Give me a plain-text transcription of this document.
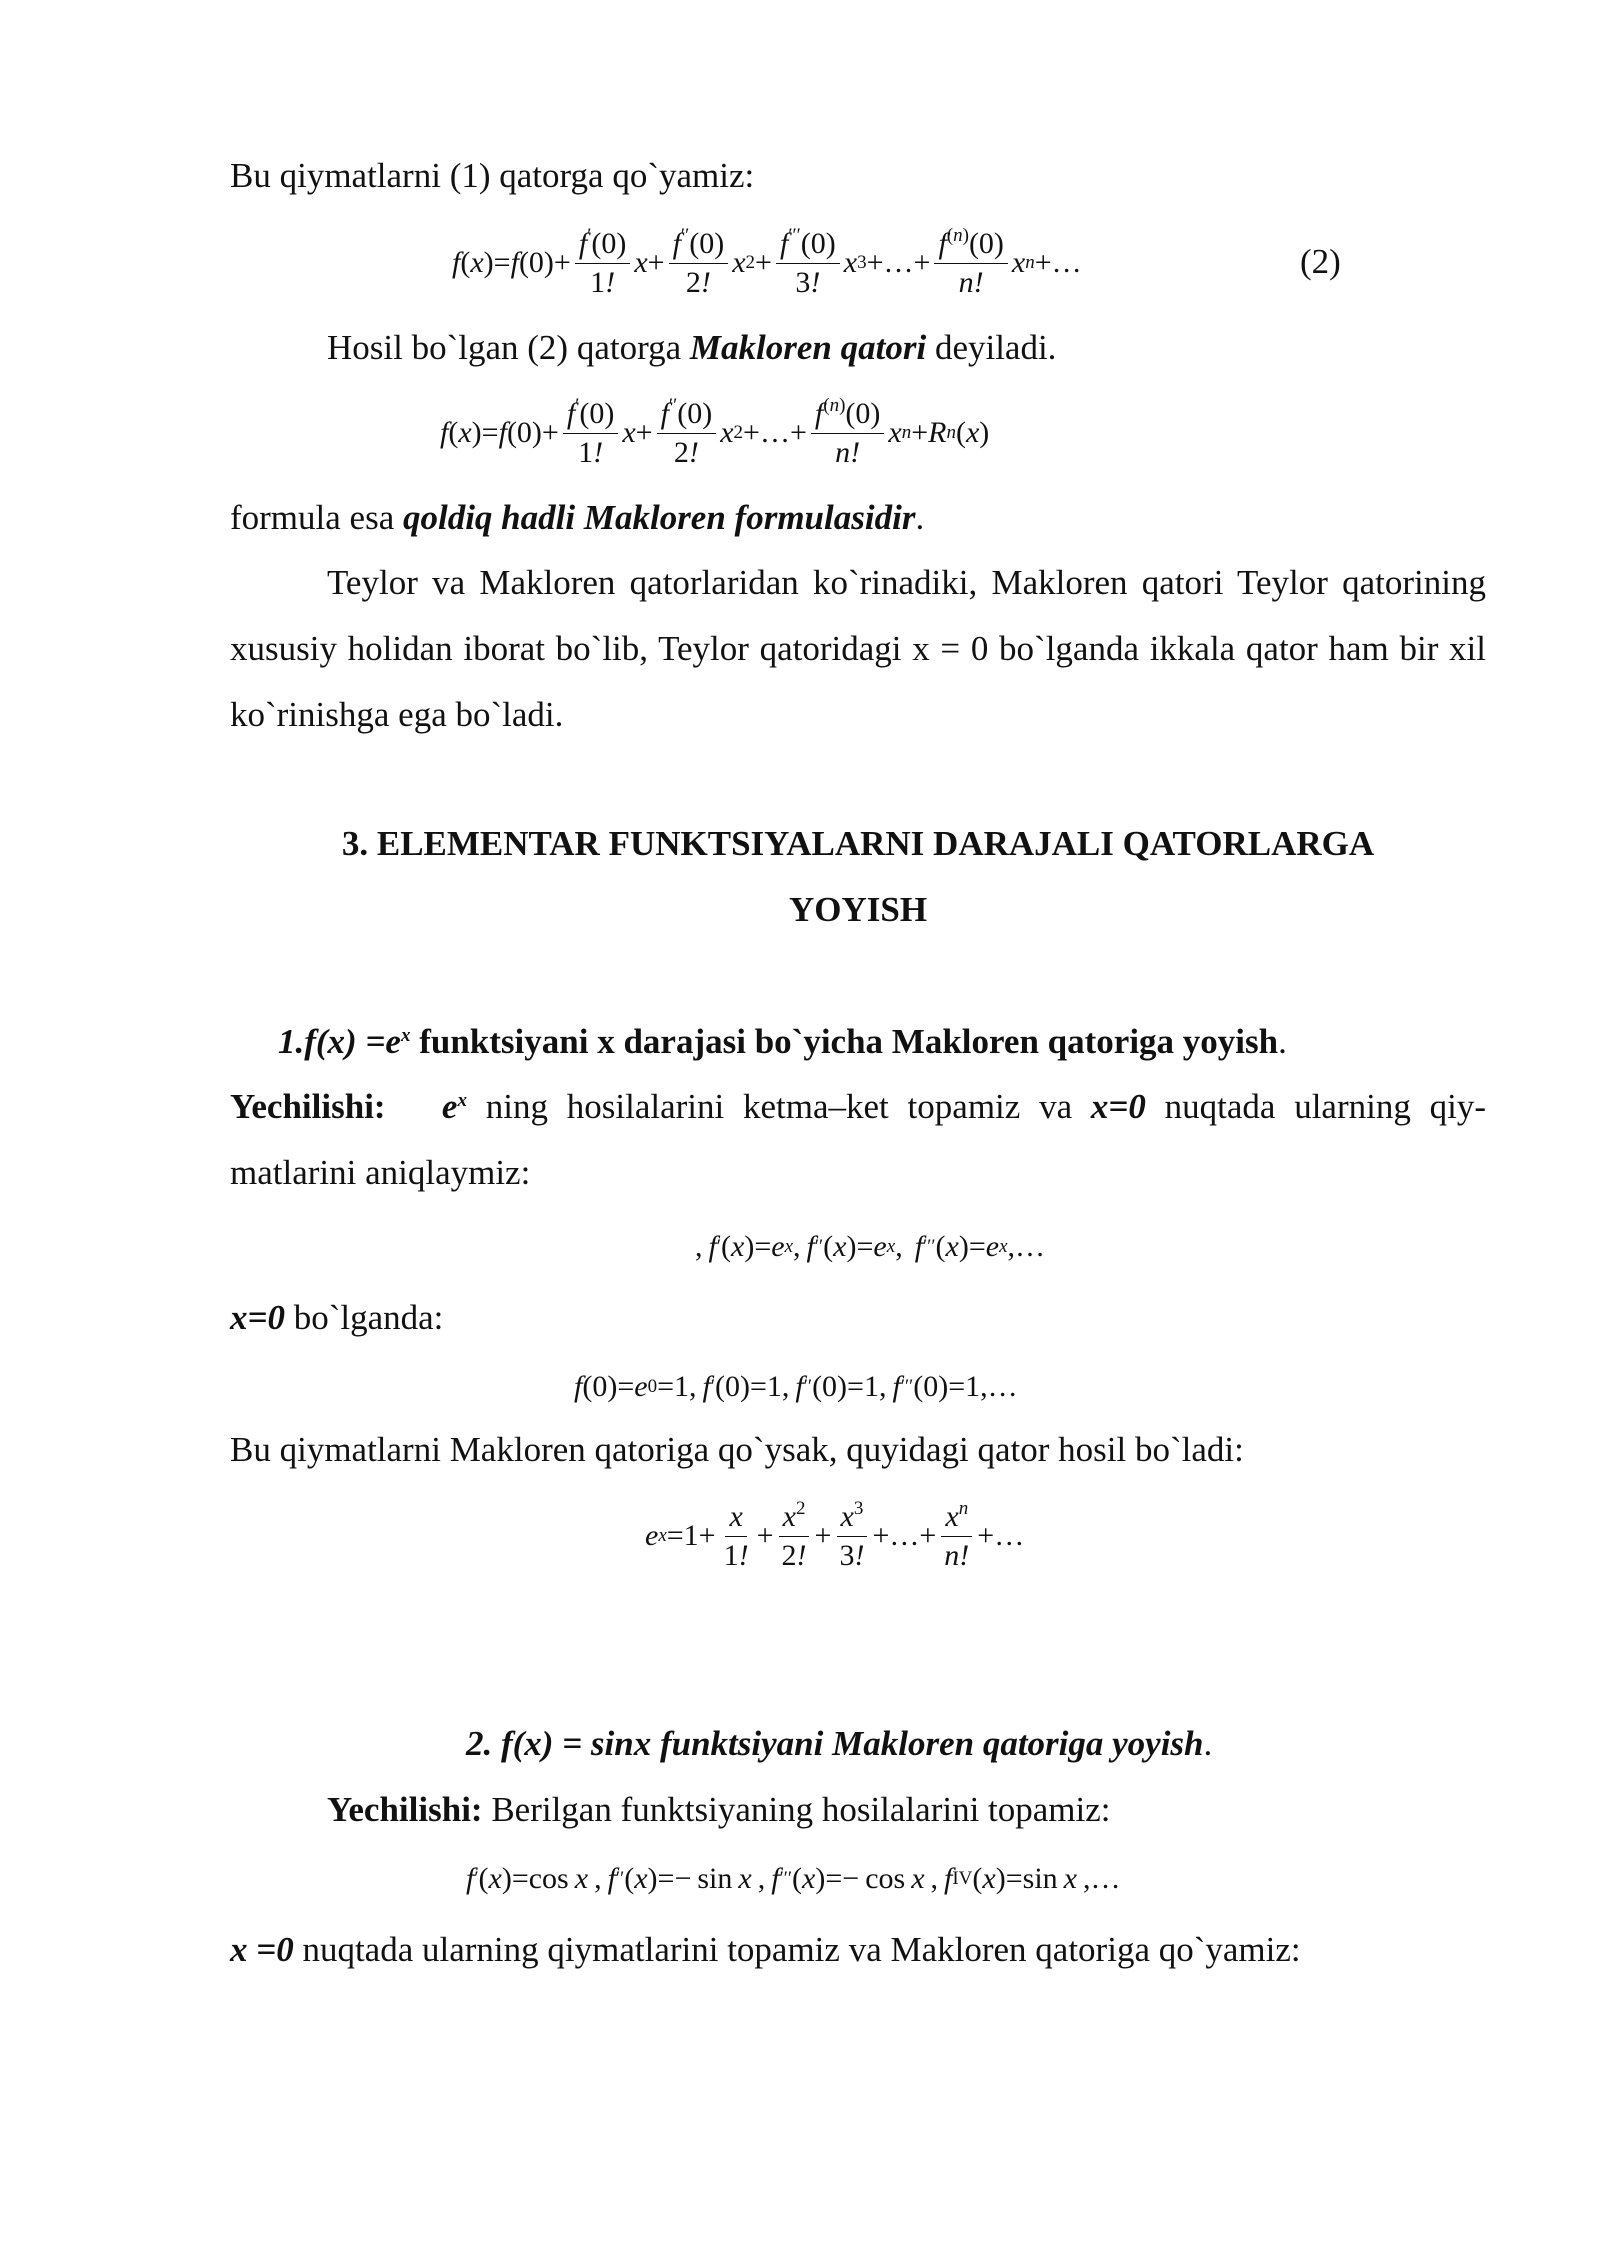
Bu qiymatlarni (1) qatorga qo`yamiz:
f ( x )= f $(0)+ \frac{f'(0)}{1!}$ $x + \frac{f''(0)}{2!}$ x $2 + \frac{f'''(0)}{3!}$ x 3 +…+ $\frac{f^{(n)}(0)}{n!}$ x n +…	(2)
Hosil bo`lgan (2) qatorga Makloren qatori deyiladi.
f ( x )= f $(0)+ \frac{f'(0)}{1!}$ $x + \frac{f''(0)}{2!}$ x 2 +…+ $\frac{f^{(n)}(0)}{n!}$ x n + R n ( x )
formula esa qoldiq hadli Makloren formulasidir.
Teylor va Makloren qatorlaridan ko`rinadiki, Makloren qatori Teylor qatorining xususiy holidan iborat bo`lib, Teylor qatoridagi x = 0 bo`lganda ikkala qator ham bir xil ko`rinishga ega bo`ladi.
3. ELEMENTAR FUNKTSIYALARNI DARAJALI QATORLARGA
YOYISH
$1.f(x) =e^x$ funktsiyani x darajasi bo`yicha Makloren qatoriga yoyish.
Yechilishi: $e^x$ ning hosilalarini ketma–ket topamiz va x=0 nuqtada ularning qiy-matlarini aniqlaymiz:
, f ′ ( x )= e x , f ′′ ( x )= e x , f ′′′ ( x )= e x ,…
x=0 bo`lganda:
f (0)= e 0 =1, f ′ (0)=1, f ′′ (0)=1, f ′′′ (0)=1,…
Bu qiymatlarni Makloren qatoriga qo`ysak, quyidagi qator hosil bo`ladi:
e $x =1+ \frac{x}{1!} + \frac{x^2}{2!} + \frac{x^3}{3!}$ +…+ $\frac{x^n}{n!}$ +…
2. f(x) = sinx funktsiyani Makloren qatoriga yoyish.
Yechilishi: Berilgan funktsiyaning hosilalarini topamiz:
f ′ ( x )=cos x , f ′′ ( x )=− sin x , f ′′′ ( x )=− cos x , f IV ( x )=sin x ,…
x =0 nuqtada ularning qiymatlarini topamiz va Makloren qatoriga qo`yamiz:
